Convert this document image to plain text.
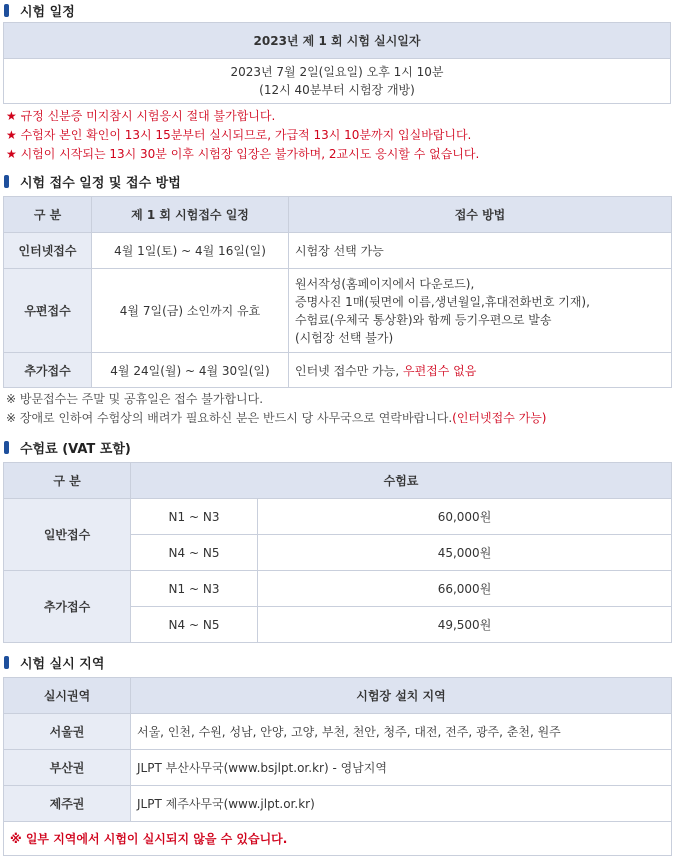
시험 일정
2023년 제 1 회 시험 실시일자

2023년 7월 2일(일요일) 오후 1시 10분
(12시 40분부터 시험장 개방)
★ 규정 신분증 미지참시 시험응시 절대 불가합니다.
★ 수험자 본인 확인이 13시 15분부터 실시되므로, 가급적 13시 10분까지 입실바랍니다.
★ 시험이 시작되는 13시 30분 이후 시험장 입장은 불가하며, 2교시도 응시할 수 없습니다.
시험 접수 일정 및 접수 방법
구 분	제 1 회 시험접수 일정	접수 방법
인터넷접수	4월 1일(토) ~ 4월 16일(일)	시험장 선택 가능
우편접수	4월 7일(금) 소인까지 유효	원서작성(홈페이지에서 다운로드),
증명사진 1매(뒷면에 이름,생년월일,휴대전화번호 기재),
수험료(우체국 통상환)와 함께 등기우편으로 발송
(시험장 선택 불가)

추가접수	4월 24일(월) ~ 4월 30일(일)	인터넷 접수만 가능, 우편접수 없음
※ 방문접수는 주말 및 공휴일은 접수 불가합니다.
※ 장애로 인하여 수험상의 배려가 필요하신 분은 반드시 당 사무국으로 연락바랍니다.(인터넷접수 가능)
수험료 (VAT 포함)
구 분	수험료	
일반접수	N1 ~ N3	60,000원
	N4 ~ N5	45,000원
추가접수	N1 ~ N3	66,000원
	N4 ~ N5	49,500원
시험 실시 지역
실시권역	시험장 설치 지역
서울권	서울, 인천, 수원, 성남, 안양, 고양, 부천, 천안, 청주, 대전, 전주, 광주, 춘천, 원주
부산권	JLPT 부산사무국(www.bsjlpt.or.kr) - 영남지역
제주권	JLPT 제주사무국(www.jlpt.or.kr)
※ 일부 지역에서 시험이 실시되지 않을 수 있습니다.	
